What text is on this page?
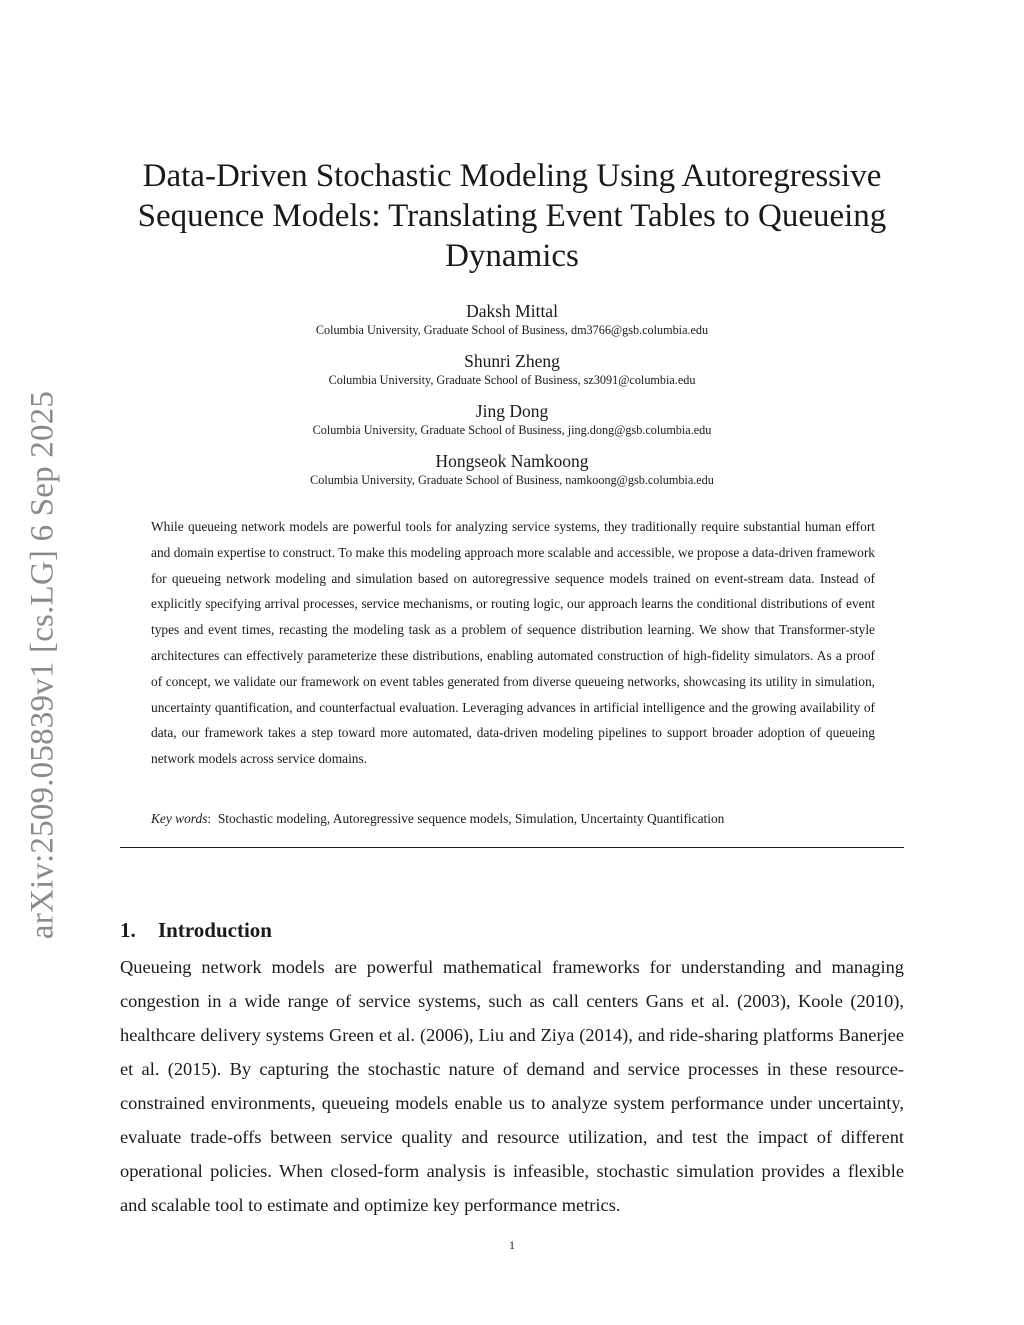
arXiv:2509.05839v1 [cs.LG] 6 Sep 2025
Data-Driven Stochastic Modeling Using Autoregressive Sequence Models: Translating Event Tables to Queueing Dynamics
Daksh Mittal
Columbia University, Graduate School of Business, dm3766@gsb.columbia.edu
Shunri Zheng
Columbia University, Graduate School of Business, sz3091@columbia.edu
Jing Dong
Columbia University, Graduate School of Business, jing.dong@gsb.columbia.edu
Hongseok Namkoong
Columbia University, Graduate School of Business, namkoong@gsb.columbia.edu

While queueing network models are powerful tools for analyzing service systems, they traditionally require substantial human effort and domain expertise to construct. To make this modeling approach more scalable and accessible, we propose a data-driven framework for queueing network modeling and simulation based on autoregressive sequence models trained on event-stream data. Instead of explicitly specifying arrival processes, service mechanisms, or routing logic, our approach learns the conditional distributions of event types and event times, recasting the modeling task as a problem of sequence distribution learning. We show that Transformer-style architectures can effectively parameterize these distributions, enabling automated construction of high-fidelity simulators. As a proof of concept, we validate our framework on event tables generated from diverse queueing networks, showcasing its utility in simulation, uncertainty quantification, and counterfactual evaluation. Leveraging advances in artificial intelligence and the growing availability of data, our framework takes a step toward more automated, data-driven modeling pipelines to support broader adoption of queueing network models across service domains.

Key words: Stochastic modeling, Autoregressive sequence models, Simulation, Uncertainty Quantification
1. Introduction

Queueing network models are powerful mathematical frameworks for understanding and managing congestion in a wide range of service systems, such as call centers Gans et al. (2003), Koole (2010), healthcare delivery systems Green et al. (2006), Liu and Ziya (2014), and ride-sharing platforms Banerjee et al. (2015). By capturing the stochastic nature of demand and service processes in these resource-constrained environments, queueing models enable us to analyze system performance under uncertainty, evaluate trade-offs between service quality and resource utilization, and test the impact of different operational policies. When closed-form analysis is infeasible, stochastic simulation provides a flexible and scalable tool to estimate and optimize key performance metrics.

1
